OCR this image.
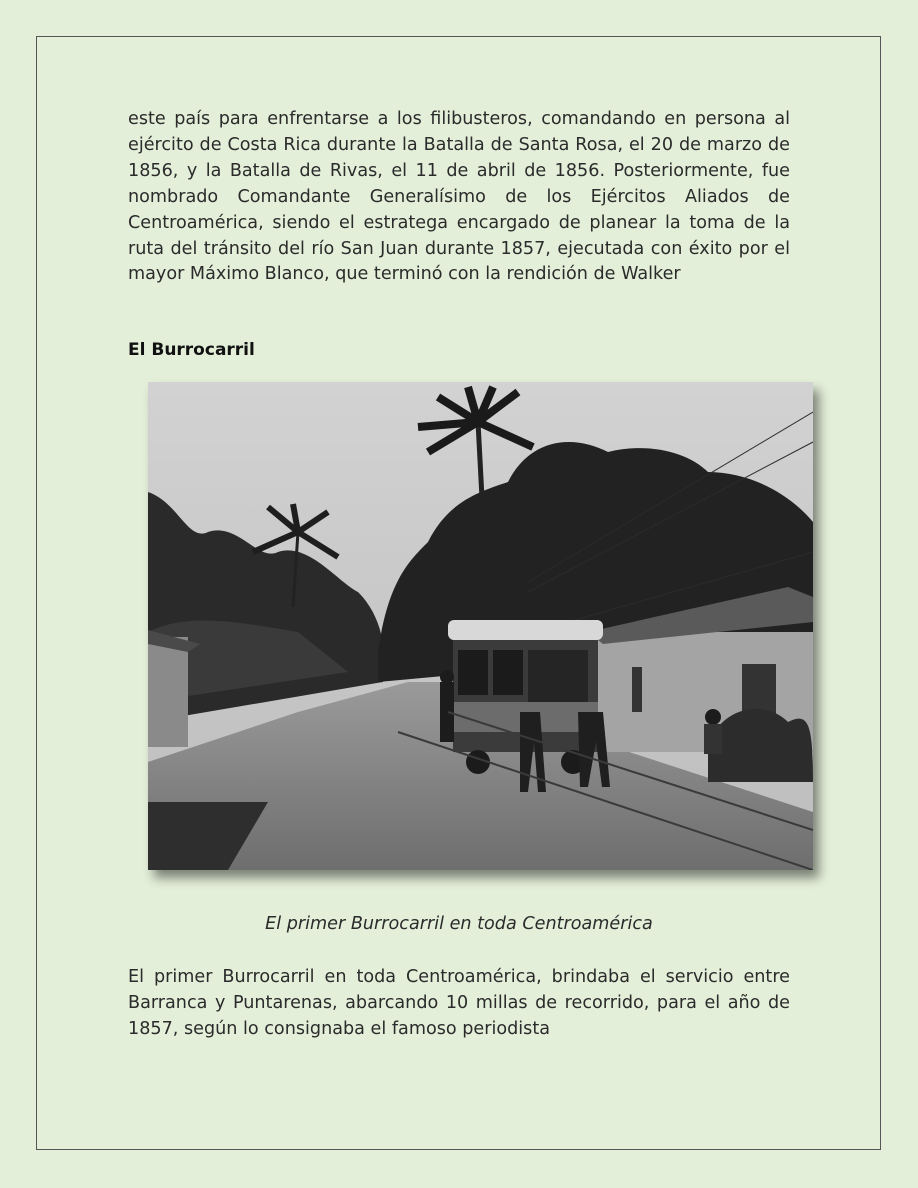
este país para enfrentarse a los filibusteros, comandando en persona al ejército de Costa Rica durante la Batalla de Santa Rosa, el 20 de marzo de 1856, y la Batalla de Rivas, el 11 de abril de 1856. Posteriormente, fue nombrado Comandante Generalísimo de los Ejércitos Aliados de Centroamérica, siendo el estratega encargado de planear la toma de la ruta del tránsito del río San Juan durante 1857, ejecutada con éxito por el mayor Máximo Blanco, que terminó con la rendición de Walker

El Burrocarril

El primer Burrocarril en toda Centroamérica

El primer Burrocarril en toda Centroamérica, brindaba el servicio entre Barranca y Puntarenas, abarcando 10 millas de recorrido, para el año de 1857, según lo consignaba el famoso periodista
